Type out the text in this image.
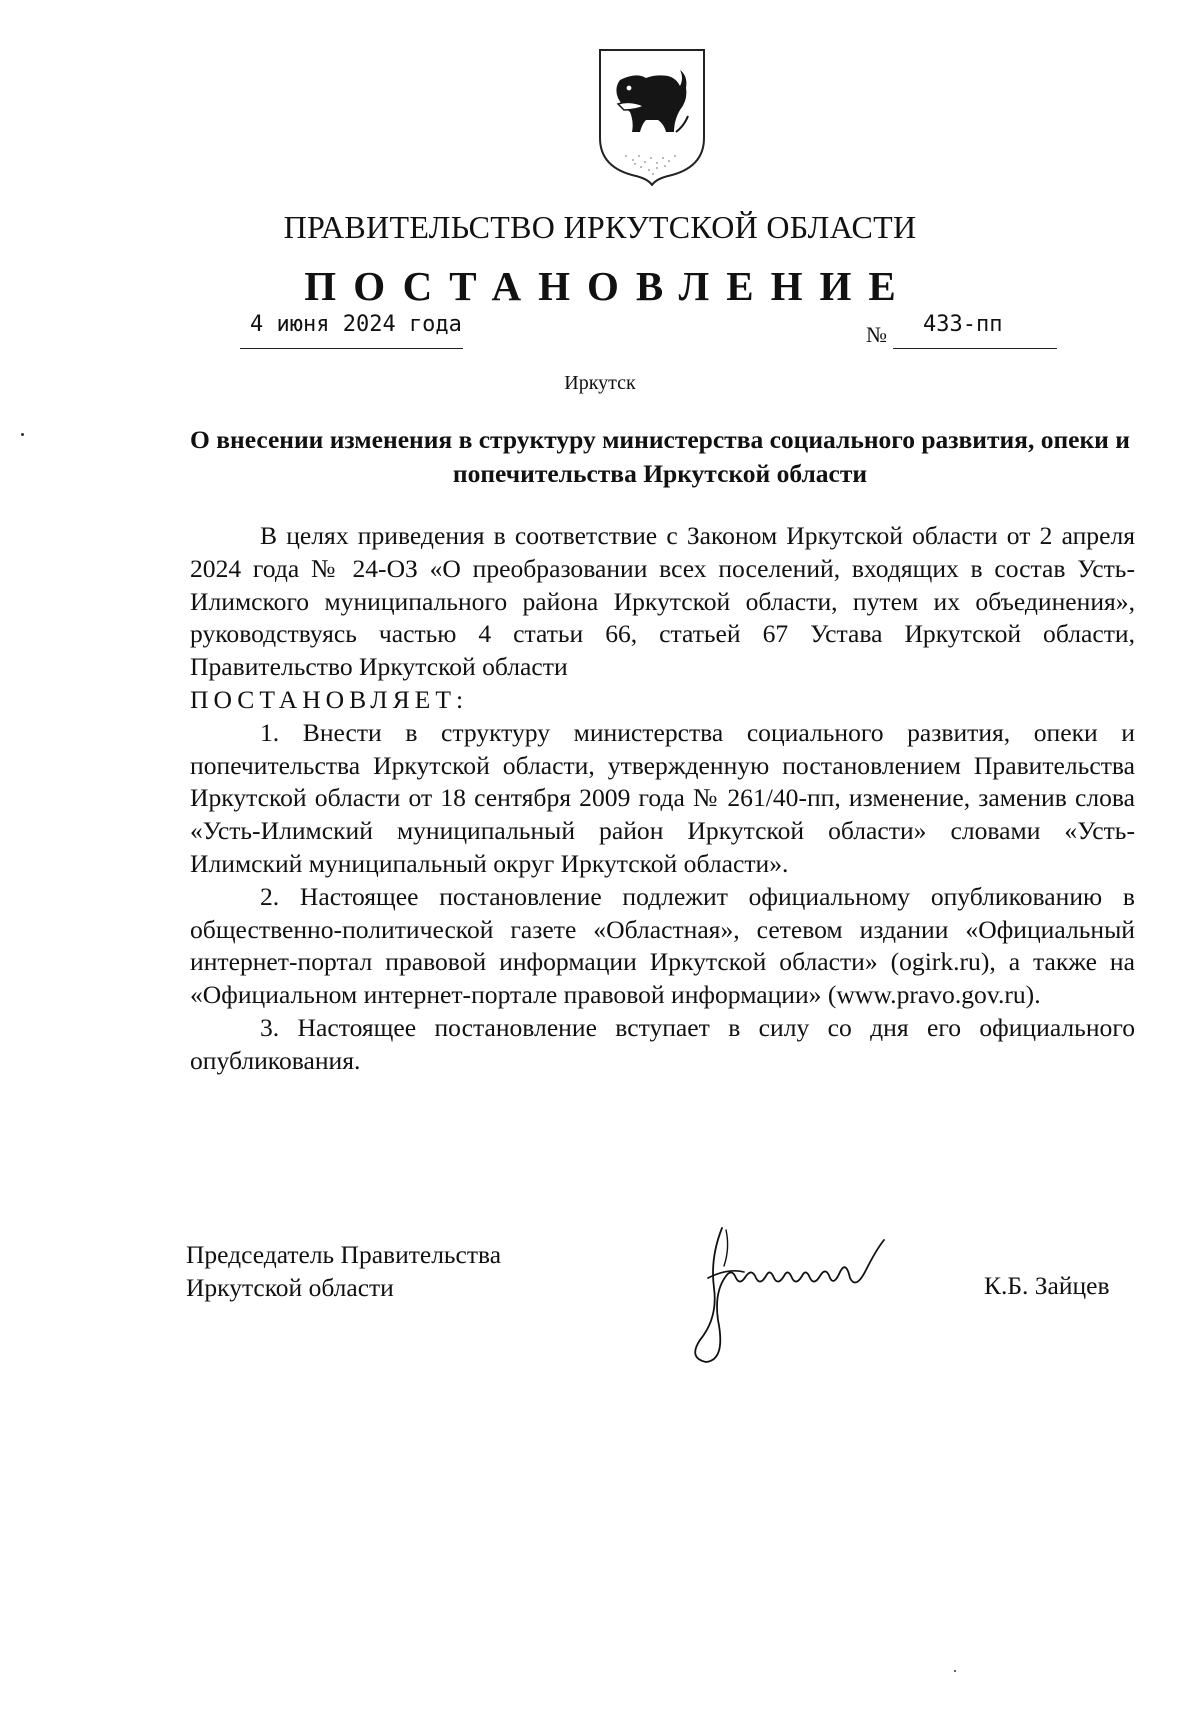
ПРАВИТЕЛЬСТВО ИРКУТСКОЙ ОБЛАСТИ
ПОСТАНОВЛЕНИЕ
4 июня 2024 года	№ 433-пп
Иркутск
О внесении изменения в структуру министерства социального развития, опеки и попечительства Иркутской области

В целях приведения в соответствие с Законом Иркутской области от 2 апреля 2024 года № 24-ОЗ «О преобразовании всех поселений, входящих в состав Усть-Илимского муниципального района Иркутской области, путем их объединения», руководствуясь частью 4 статьи 66, статьей 67 Устава Иркутской области, Правительство Иркутской области

ПОСТАНОВЛЯЕТ:

1. Внести в структуру министерства социального развития, опеки и попечительства Иркутской области, утвержденную постановлением Правительства Иркутской области от 18 сентября 2009 года № 261/40-пп, изменение, заменив слова «Усть-Илимский муниципальный район Иркутской области» словами «Усть-Илимский муниципальный округ Иркутской области».

2. Настоящее постановление подлежит официальному опубликованию в общественно-политической газете «Областная», сетевом издании «Официальный интернет-портал правовой информации Иркутской области» (ogirk.ru), а также на «Официальном интернет-портале правовой информации» (www.pravo.gov.ru).

3. Настоящее постановление вступает в силу со дня его официального опубликования.

Председатель Правительства
Иркутской области	К.Б. Зайцев
